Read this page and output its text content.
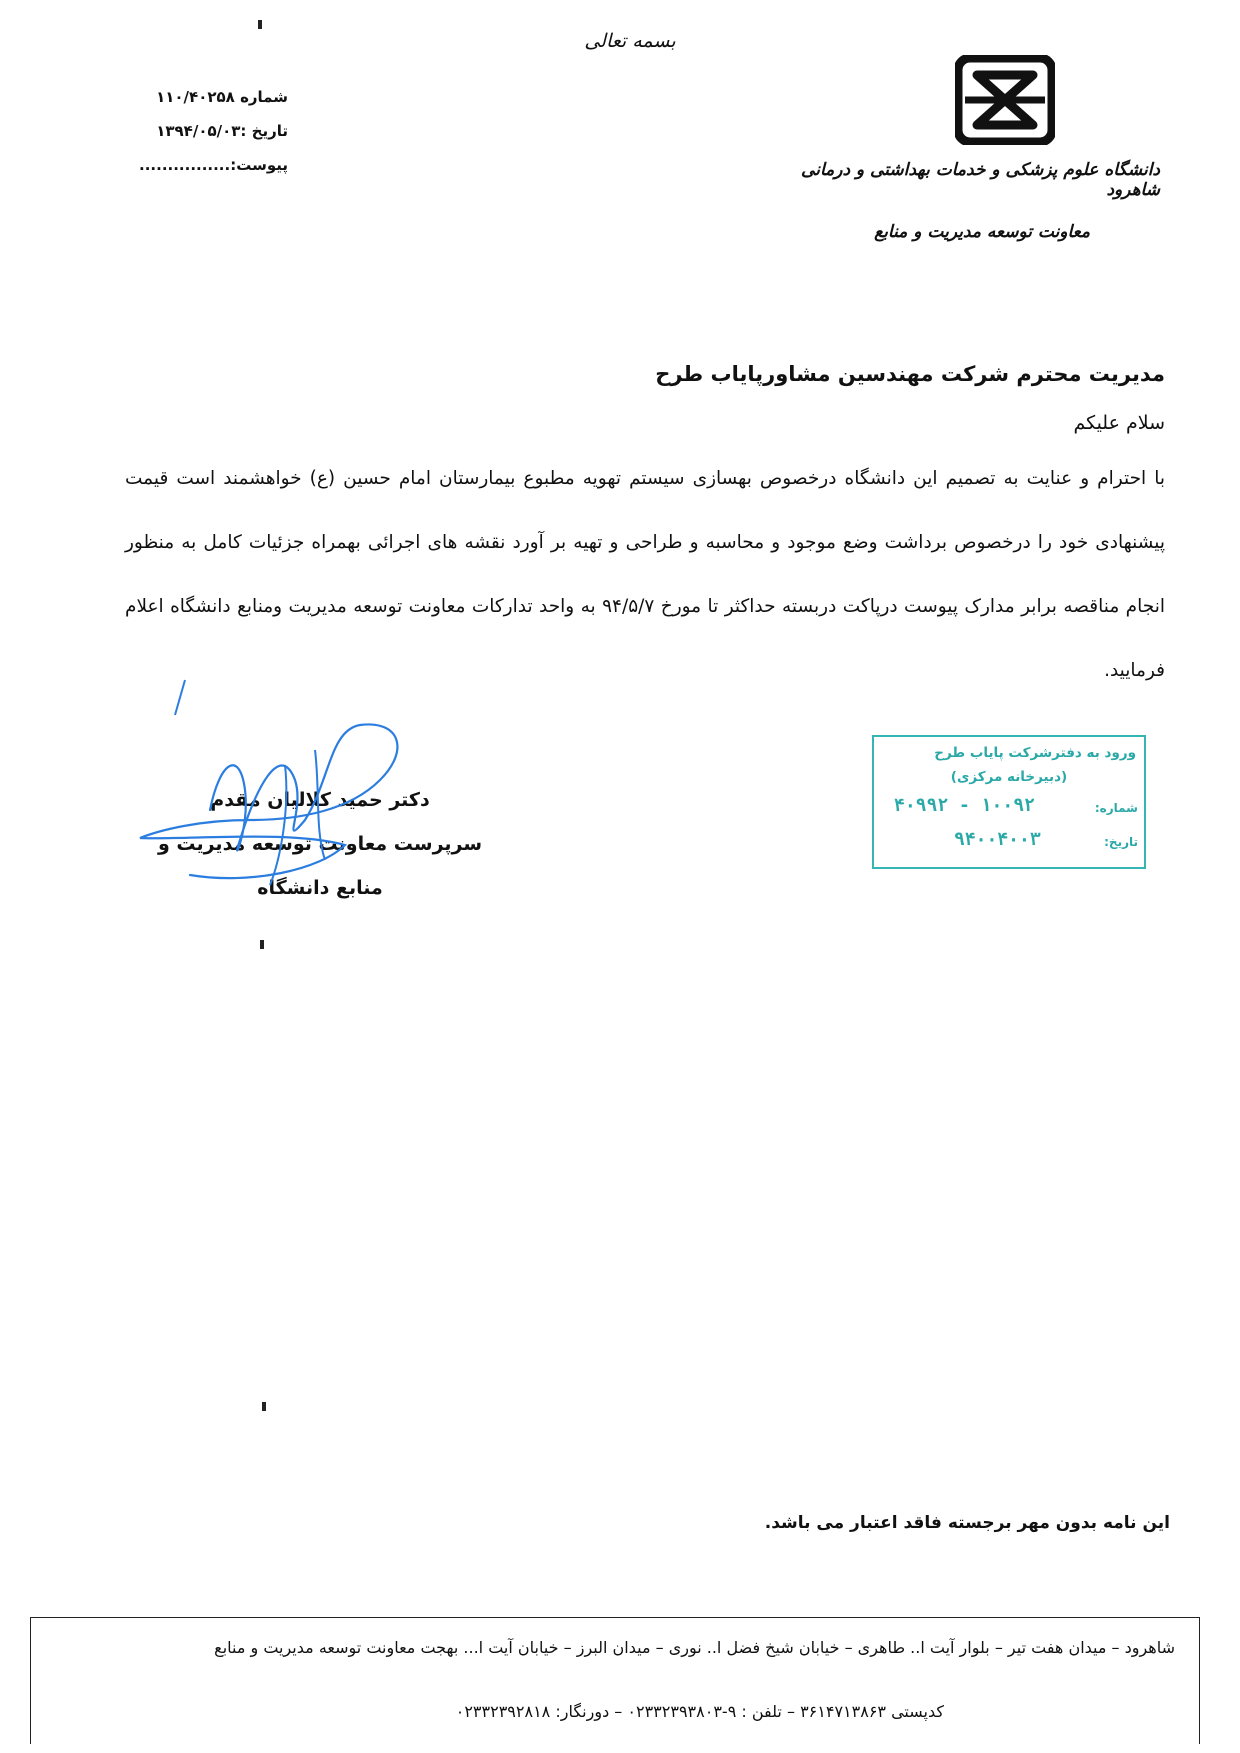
بسمه تعالی
شماره ۱۱۰/۴۰۲۵۸
تاریخ :۱۳۹۴/۰۵/۰۳
پیوست:................	دانشگاه علوم پزشکی و خدمات بهداشتی و درمانی شاهرود
معاونت توسعه مدیریت و منابع
مدیریت محترم شرکت مهندسین مشاورپایاب طرح
سلام علیکم
با احترام و عنایت به تصمیم این دانشگاه درخصوص بهسازی سیستم تهویه مطبوع بیمارستان امام حسین (ع) خواهشمند است قیمت پیشنهادی خود را درخصوص برداشت وضع موجود و محاسبه و طراحی و تهیه بر آورد نقشه های اجرائی بهمراه جزئیات کامل به منظور انجام مناقصه برابر مدارک پیوست درپاکت دربسته حداکثر تا مورخ ۹۴/۵/۷ به واحد تدارکات معاونت توسعه مدیریت ومنابع دانشگاه اعلام فرمایید.
ورود به دفترشرکت پایاب طرح
(دبیرخانه مرکزی)
شماره:
۱۰۰۹۲ - ۴۰۹۹۲
تاریخ:
۹۴۰۰۴۰۰۳
دکتر حمید کلالیان مقدم
سرپرست معاونت توسعه مدیریت و
منابع دانشگاه
این نامه بدون مهر برجسته فاقد اعتبار می باشد.
شاهرود – میدان هفت تیر – بلوار آیت ا.. طاهری – خیابان شیخ فضل ا.. نوری – میدان البرز – خیابان آیت ا... بهجت معاونت توسعه مدیریت و منابع
کدپستی ۳۶۱۴۷۱۳۸۶۳ – تلفن : ۹-۰۲۳۳۲۳۹۳۸۰۳ – دورنگار: ۰۲۳۳۲۳۹۲۸۱۸
